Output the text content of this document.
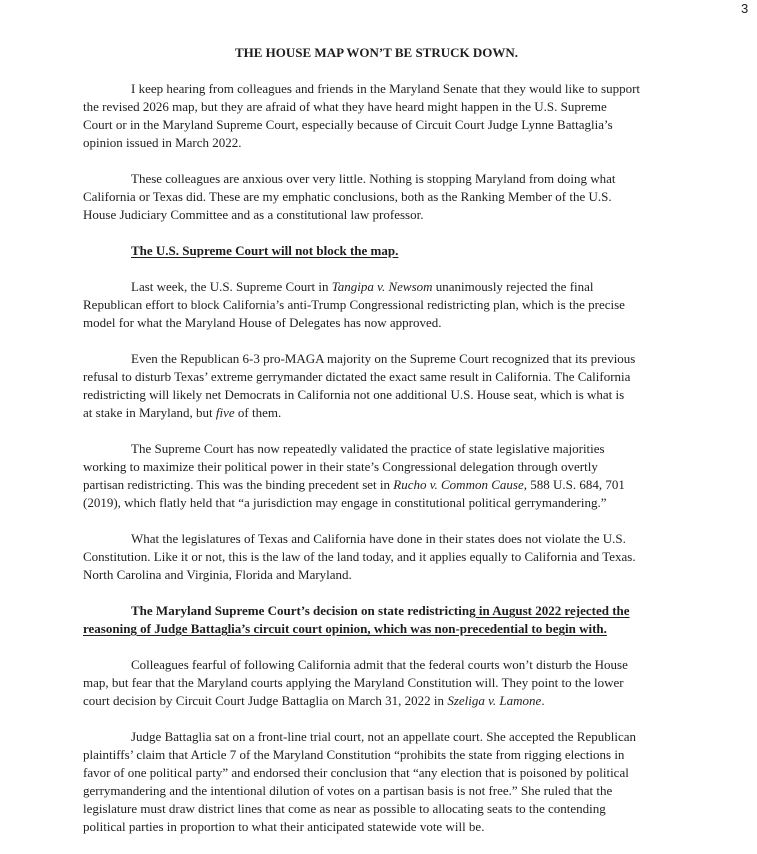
3
THE HOUSE MAP WON’T BE STRUCK DOWN.
I keep hearing from colleagues and friends in the Maryland Senate that they would like to support
the revised 2026 map, but they are afraid of what they have heard might happen in the U.S. Supreme
Court or in the Maryland Supreme Court, especially because of Circuit Court Judge Lynne Battaglia’s
opinion issued in March 2022.
These colleagues are anxious over very little. Nothing is stopping Maryland from doing what
California or Texas did. These are my emphatic conclusions, both as the Ranking Member of the U.S.
House Judiciary Committee and as a constitutional law professor.
The U.S. Supreme Court will not block the map.
Last week, the U.S. Supreme Court in Tangipa v. Newsom unanimously rejected the final
Republican effort to block California’s anti-Trump Congressional redistricting plan, which is the precise
model for what the Maryland House of Delegates has now approved.
Even the Republican 6-3 pro-MAGA majority on the Supreme Court recognized that its previous
refusal to disturb Texas’ extreme gerrymander dictated the exact same result in California. The California
redistricting will likely net Democrats in California not one additional U.S. House seat, which is what is
at stake in Maryland, but five of them.
The Supreme Court has now repeatedly validated the practice of state legislative majorities
working to maximize their political power in their state’s Congressional delegation through overtly
partisan redistricting. This was the binding precedent set in Rucho v. Common Cause, 588 U.S. 684, 701
(2019), which flatly held that “a jurisdiction may engage in constitutional political gerrymandering.”
What the legislatures of Texas and California have done in their states does not violate the U.S.
Constitution. Like it or not, this is the law of the land today, and it applies equally to California and Texas.
North Carolina and Virginia, Florida and Maryland.
The Maryland Supreme Court’s decision on state redistricting in August 2022 rejected the
reasoning of Judge Battaglia’s circuit court opinion, which was non-precedential to begin with.
Colleagues fearful of following California admit that the federal courts won’t disturb the House
map, but fear that the Maryland courts applying the Maryland Constitution will. They point to the lower
court decision by Circuit Court Judge Battaglia on March 31, 2022 in Szeliga v. Lamone.
Judge Battaglia sat on a front-line trial court, not an appellate court. She accepted the Republican
plaintiffs’ claim that Article 7 of the Maryland Constitution “prohibits the state from rigging elections in
favor of one political party” and endorsed their conclusion that “any election that is poisoned by political
gerrymandering and the intentional dilution of votes on a partisan basis is not free.” She ruled that the
legislature must draw district lines that come as near as possible to allocating seats to the contending
political parties in proportion to what their anticipated statewide vote will be.
